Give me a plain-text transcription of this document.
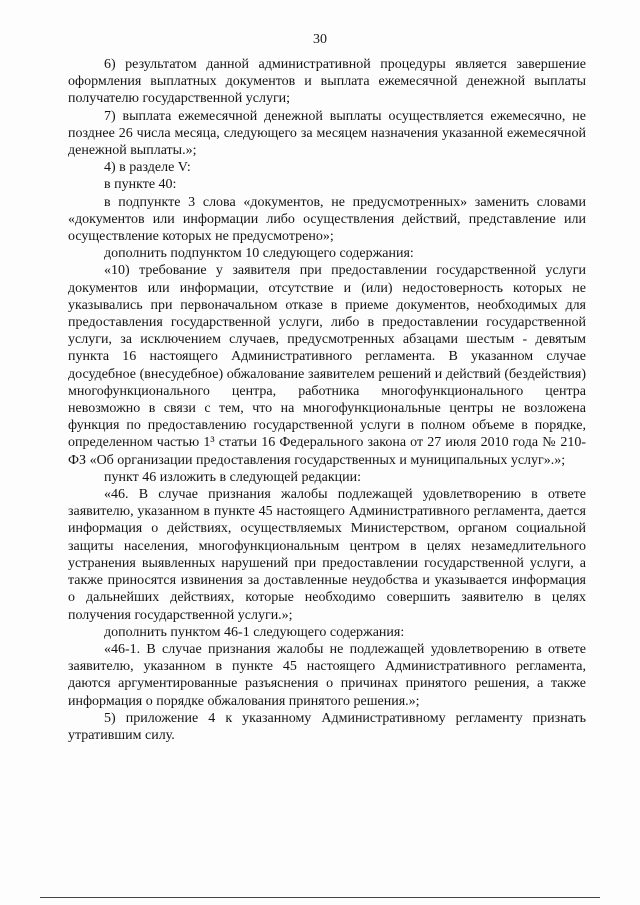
30

6) результатом данной административной процедуры является завершение оформления выплатных документов и выплата ежемесячной денежной выплаты получателю государственной услуги;

7) выплата ежемесячной денежной выплаты осуществляется ежемесячно, не позднее 26 числа месяца, следующего за месяцем назначения указанной ежемесячной денежной выплаты.»;

4) в разделе V:

в пункте 40:

в подпункте 3 слова «документов, не предусмотренных» заменить словами «документов или информации либо осуществления действий, представление или осуществление которых не предусмотрено»;

дополнить подпунктом 10 следующего содержания:

«10) требование у заявителя при предоставлении государственной услуги документов или информации, отсутствие и (или) недостоверность которых не указывались при первоначальном отказе в приеме документов, необходимых для предоставления государственной услуги, либо в предоставлении государственной услуги, за исключением случаев, предусмотренных абзацами шестым - девятым пункта 16 настоящего Административного регламента. В указанном случае досудебное (внесудебное) обжалование заявителем решений и действий (бездействия) многофункционального центра, работника многофункционального центра невозможно в связи с тем, что на многофункциональные центры не возложена функция по предоставлению государственной услуги в полном объеме в порядке, определенном частью 1³ статьи 16 Федерального закона от 27 июля 2010 года № 210-ФЗ «Об организации предоставления государственных и муниципальных услуг».»;

пункт 46 изложить в следующей редакции:

«46. В случае признания жалобы подлежащей удовлетворению в ответе заявителю, указанном в пункте 45 настоящего Административного регламента, дается информация о действиях, осуществляемых Министерством, органом социальной защиты населения, многофункциональным центром в целях незамедлительного устранения выявленных нарушений при предоставлении государственной услуги, а также приносятся извинения за доставленные неудобства и указывается информация о дальнейших действиях, которые необходимо совершить заявителю в целях получения государственной услуги.»;

дополнить пунктом 46-1 следующего содержания:

«46-1. В случае признания жалобы не подлежащей удовлетворению в ответе заявителю, указанном в пункте 45 настоящего Административного регламента, даются аргументированные разъяснения о причинах принятого решения, а также информация о порядке обжалования принятого решения.»;

5) приложение 4 к указанному Административному регламенту признать утратившим силу.
